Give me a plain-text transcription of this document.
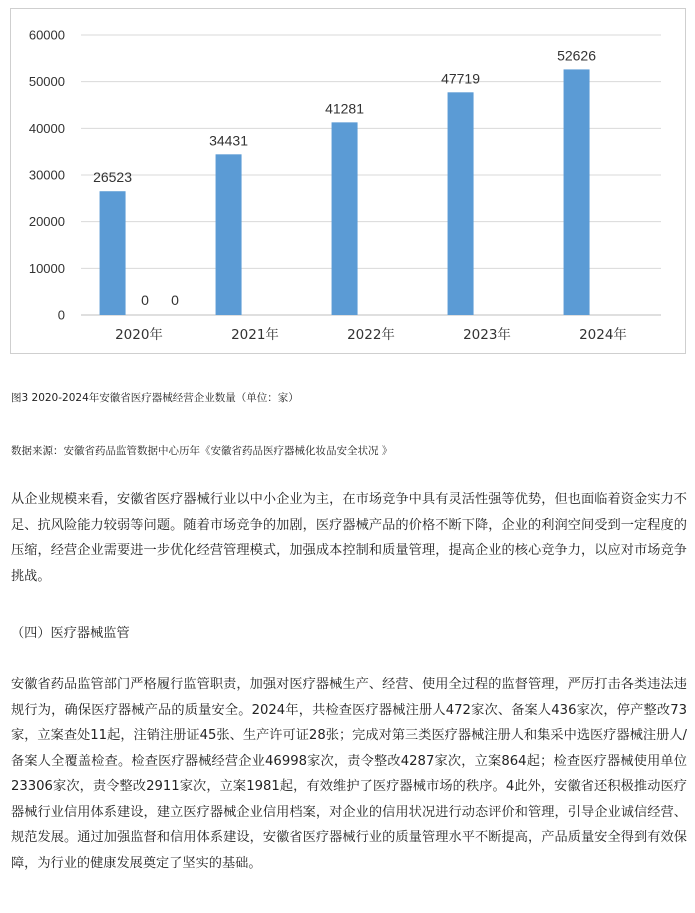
0
10000
20000
30000
40000
50000
60000
26523
2020年
34431
2021年
41281
2022年
47719
2023年
52626
2024年
0 0
图3 2020-2024年安徽省医疗器械经营企业数量（单位：家）
数据来源：安徽省药品监管数据中心历年《安徽省药品医疗器械化妆品安全状况 》
从企业规模来看，安徽省医疗器械行业以中小企业为主，在市场竞争中具有灵活性强等优势，但也面临着资金实力不足、抗风险能力较弱等问题。随着市场竞争的加剧，医疗器械产品的价格不断下降，企业的利润空间受到一定程度的压缩，经营企业需要进一步优化经营管理模式，加强成本控制和质量管理，提高企业的核心竞争力，以应对市场竞争挑战。
（四）医疗器械监管
安徽省药品监管部门严格履行监管职责，加强对医疗器械生产、经营、使用全过程的监督管理，严厉打击各类违法违规行为，确保医疗器械产品的质量安全。2024年，共检查医疗器械注册人472家次、备案人436家次，停产整改73家，立案查处11起，注销注册证45张、生产许可证28张；完成对第三类医疗器械注册人和集采中选医疗器械注册人/备案人全覆盖检查。检查医疗器械经营企业46998家次，责令整改4287家次，立案864起；检查医疗器械使用单位23306家次，责令整改2911家次，立案1981起，有效维护了医疗器械市场的秩序。4此外，安徽省还积极推动医疗器械行业信用体系建设，建立医疗器械企业信用档案，对企业的信用状况进行动态评价和管理，引导企业诚信经营、规范发展。通过加强监督和信用体系建设，安徽省医疗器械行业的质量管理水平不断提高，产品质量安全得到有效保障，为行业的健康发展奠定了坚实的基础。
